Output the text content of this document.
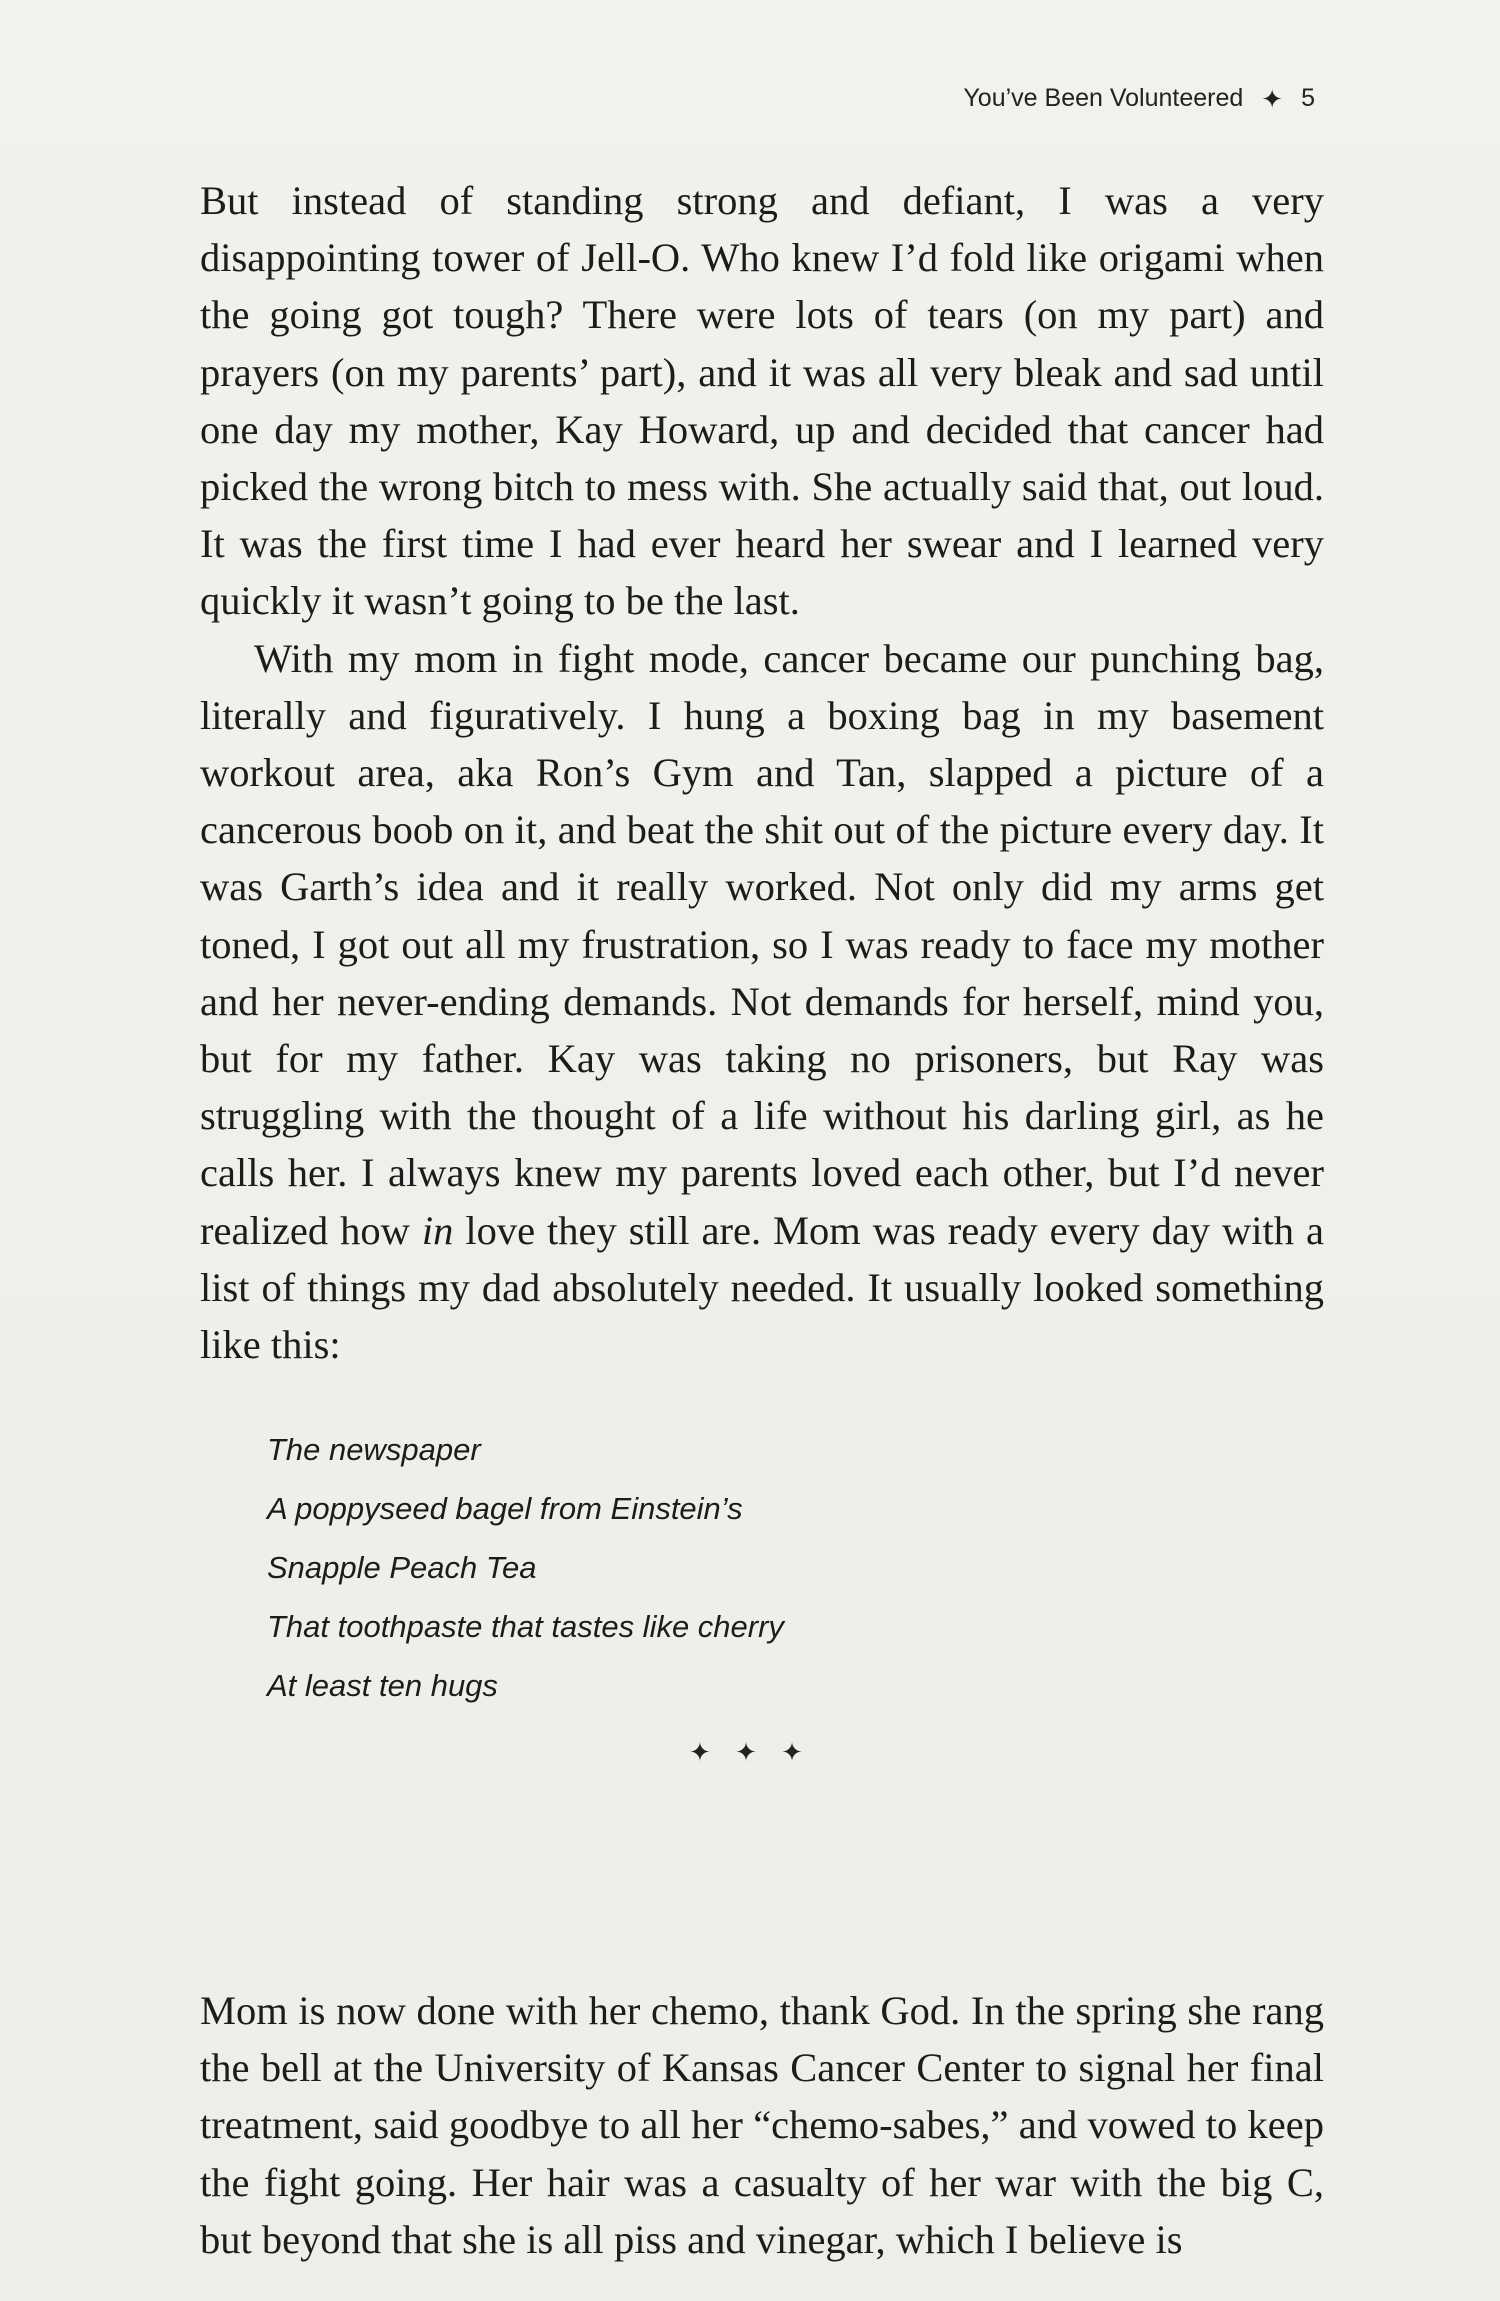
You’ve Been Volunteered ✦ 5

But instead of standing strong and defiant, I was a very disappointing tower of Jell-O. Who knew I’d fold like origami when the going got tough? There were lots of tears (on my part) and prayers (on my parents’ part), and it was all very bleak and sad until one day my mother, Kay Howard, up and decided that cancer had picked the wrong bitch to mess with. She actually said that, out loud. It was the first time I had ever heard her swear and I learned very quickly it wasn’t going to be the last.

With my mom in fight mode, cancer became our punching bag, literally and figuratively. I hung a boxing bag in my basement workout area, aka Ron’s Gym and Tan, slapped a picture of a cancerous boob on it, and beat the shit out of the picture every day. It was Garth’s idea and it really worked. Not only did my arms get toned, I got out all my frustration, so I was ready to face my mother and her never-ending demands. Not demands for herself, mind you, but for my father. Kay was taking no prisoners, but Ray was struggling with the thought of a life without his darling girl, as he calls her. I always knew my parents loved each other, but I’d never realized how in love they still are. Mom was ready every day with a list of things my dad absolutely needed. It usually looked something like this:

The newspaper
A poppyseed bagel from Einstein’s
Snapple Peach Tea
That toothpaste that tastes like cherry
At least ten hugs
✦ ✦ ✦

Mom is now done with her chemo, thank God. In the spring she rang the bell at the University of Kansas Cancer Center to signal her final treatment, said goodbye to all her “chemo-sabes,” and vowed to keep the fight going. Her hair was a casualty of her war with the big C, but beyond that she is all piss and vinegar, which I believe is
